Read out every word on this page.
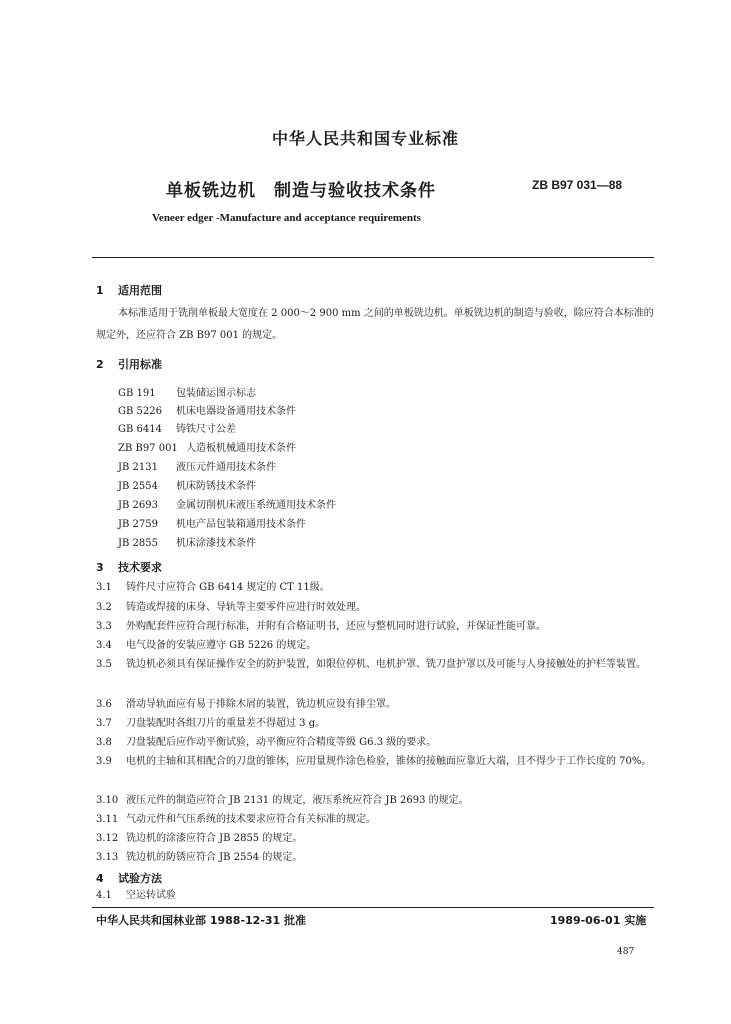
中华人民共和国专业标准
单板铣边机　制造与验收技术条件	ZB B97 031—88
Veneer edger -Manufacture and acceptance requirements
1 适用范围
本标准适用于铣削单板最大宽度在 2 000～2 900 mm 之间的单板铣边机。单板铣边机的制造与验收，除应符合本标准的规定外，还应符合 ZB B97 001 的规定。
2 引用标准
GB 191 包装储运图示标志
GB 5226 机床电器设备通用技术条件
GB 6414 铸铁尺寸公差
ZB B97 001 人造板机械通用技术条件
JB 2131 液压元件通用技术条件
JB 2554 机床防锈技术条件
JB 2693 金属切削机床液压系统通用技术条件
JB 2759 机电产品包装箱通用技术条件
JB 2855 机床涂漆技术条件
3 技术要求
3.1 铸件尺寸应符合 GB 6414 规定的 CT 11级。
3.2 铸造或焊接的床身、导轨等主要零件应进行时效处理。
3.3 外购配套件应符合现行标准，并附有合格证明书，还应与整机同时进行试验，并保证性能可靠。
3.4 电气设备的安装应遵守 GB 5226 的规定。
3.5 铣边机必须具有保证操作安全的防护装置，如限位停机、电机护罩、铣刀盘护罩以及可能与人身接触处的护栏等装置。
3.6 滑动导轨面应有易于排除木屑的装置，铣边机应设有排尘罩。
3.7 刀盘装配时各组刀片的重量差不得超过 3 g。
3.8 刀盘装配后应作动平衡试验，动平衡应符合精度等级 G6.3 级的要求。
3.9 电机的主轴和其相配合的刀盘的锥体，应用量规作涂色检验，锥体的接触面应靠近大端，且不得少于工作长度的 70%。
3.10 液压元件的制造应符合 JB 2131 的规定，液压系统应符合 JB 2693 的规定。
3.11 气动元件和气压系统的技术要求应符合有关标准的规定。
3.12 铣边机的涂漆应符合 JB 2855 的规定。
3.13 铣边机的防锈应符合 JB 2554 的规定。
4 试验方法
4.1 空运转试验
中华人民共和国林业部 1988-12-31 批准	1989-06-01 实施
487
